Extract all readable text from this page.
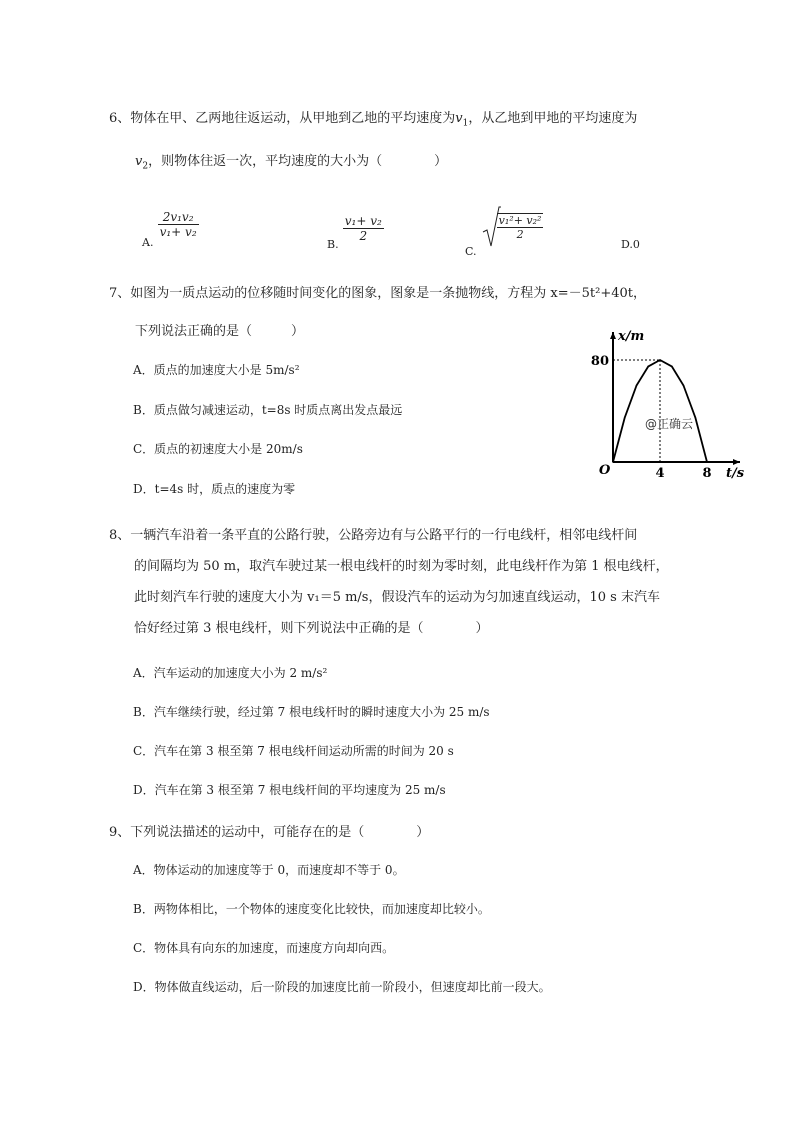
6、物体在甲、乙两地往返运动，从甲地到乙地的平均速度为$v_1$，从乙地到甲地的平均速度为
$v_2$，则物体往返一次，平均速度的大小为（　　　　）
$_{A.}$
$\frac{\text{2v₁v₂}}{\text{v₁+ v₂}}$
$_{B.}$
$\frac{\text{v₁+ v₂}}{2}$
$_{C.}$
$\frac{\text{v₁²+ v₂²}}{2}$
D.0
7、如图为一质点运动的位移随时间变化的图象，图象是一条抛物线，方程为 x=－5t²+40t，
下列说法正确的是（　　　）
A．质点的加速度大小是 5m/s²
B．质点做匀减速运动，t=8s 时质点离出发点最远
C．质点的初速度大小是 20m/s
D．t=4s 时，质点的速度为零
x/m
t/s
O	4	8
80
@正确云
8、一辆汽车沿着一条平直的公路行驶，公路旁边有与公路平行的一行电线杆，相邻电线杆间
的间隔均为 50 m，取汽车驶过某一根电线杆的时刻为零时刻，此电线杆作为第 1 根电线杆，
此时刻汽车行驶的速度大小为 v₁＝5 m/s，假设汽车的运动为匀加速直线运动，10 s 末汽车
恰好经过第 3 根电线杆，则下列说法中正确的是（　　　　）
A．汽车运动的加速度大小为 2 m/s²
B．汽车继续行驶，经过第 7 根电线杆时的瞬时速度大小为 25 m/s
C．汽车在第 3 根至第 7 根电线杆间运动所需的时间为 20 s
D．汽车在第 3 根至第 7 根电线杆间的平均速度为 25 m/s
9、下列说法描述的运动中，可能存在的是（　　　　）
A．物体运动的加速度等于 0，而速度却不等于 0。
B．两物体相比，一个物体的速度变化比较快，而加速度却比较小。
C．物体具有向东的加速度，而速度方向却向西。
D．物体做直线运动，后一阶段的加速度比前一阶段小，但速度却比前一段大。
